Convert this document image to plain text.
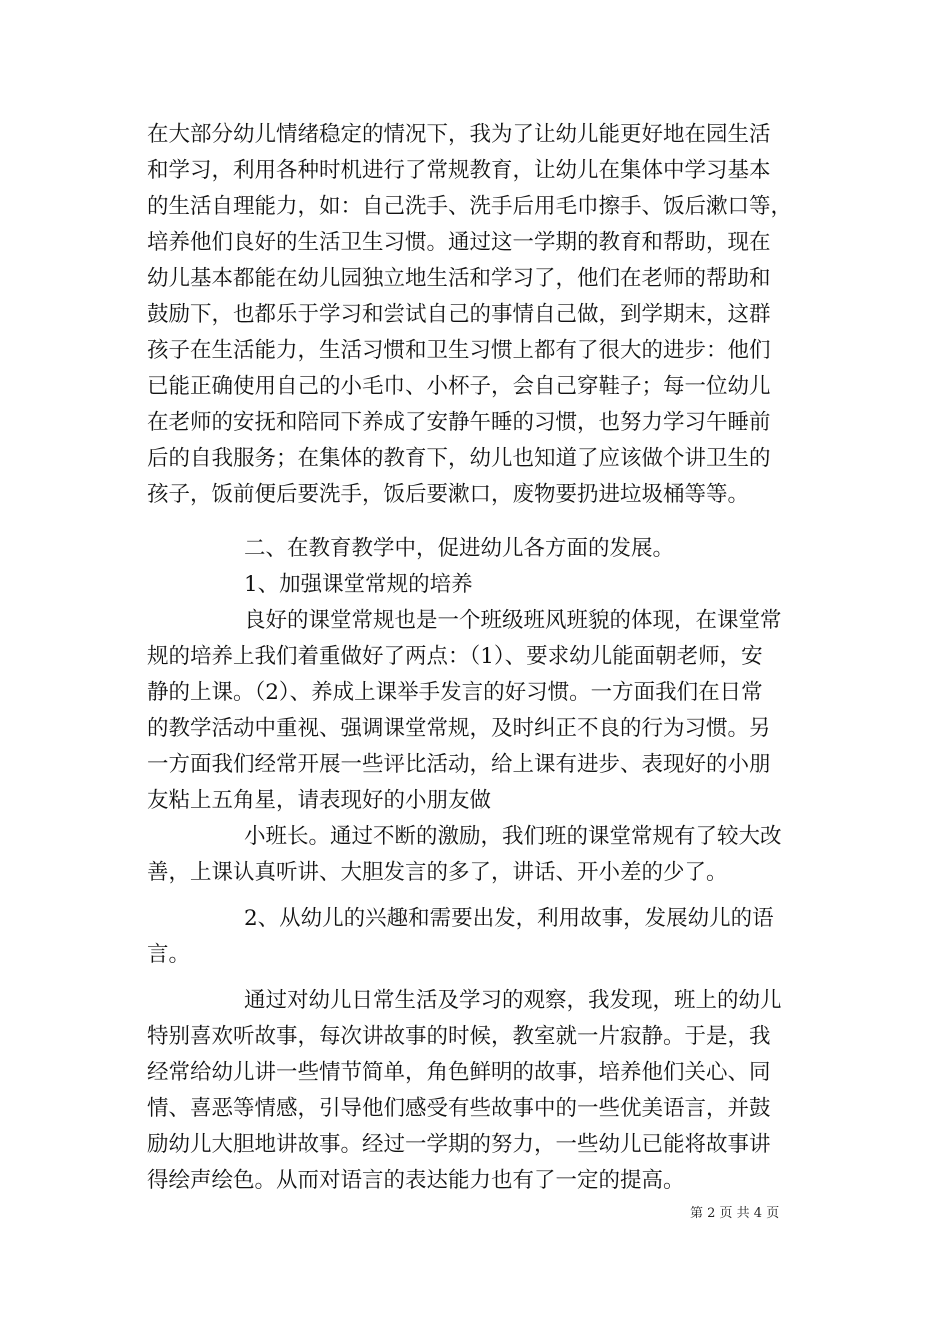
在大部分幼儿情绪稳定的情况下，我为了让幼儿能更好地在园生活
和学习，利用各种时机进行了常规教育，让幼儿在集体中学习基本
的生活自理能力，如：自己洗手、洗手后用毛巾擦手、饭后漱口等，
培养他们良好的生活卫生习惯。通过这一学期的教育和帮助，现在
幼儿基本都能在幼儿园独立地生活和学习了，他们在老师的帮助和
鼓励下，也都乐于学习和尝试自己的事情自己做，到学期末，这群
孩子在生活能力，生活习惯和卫生习惯上都有了很大的进步：他们
已能正确使用自己的小毛巾、小杯子，会自己穿鞋子；每一位幼儿
在老师的安抚和陪同下养成了安静午睡的习惯，也努力学习午睡前
后的自我服务；在集体的教育下，幼儿也知道了应该做个讲卫生的
孩子，饭前便后要洗手，饭后要漱口，废物要扔进垃圾桶等等。
二、在教育教学中，促进幼儿各方面的发展。
1、加强课堂常规的培养
良好的课堂常规也是一个班级班风班貌的体现，在课堂常
规的培养上我们着重做好了两点：（1）、要求幼儿能面朝老师，安
静的上课。（2）、养成上课举手发言的好习惯。一方面我们在日常
的教学活动中重视、强调课堂常规，及时纠正不良的行为习惯。另
一方面我们经常开展一些评比活动，给上课有进步、表现好的小朋
友粘上五角星，请表现好的小朋友做
小班长。通过不断的激励，我们班的课堂常规有了较大改
善，上课认真听讲、大胆发言的多了，讲话、开小差的少了。
2、从幼儿的兴趣和需要出发，利用故事，发展幼儿的语
言。
通过对幼儿日常生活及学习的观察，我发现，班上的幼儿
特别喜欢听故事，每次讲故事的时候，教室就一片寂静。于是，我
经常给幼儿讲一些情节简单，角色鲜明的故事，培养他们关心、同
情、喜恶等情感，引导他们感受有些故事中的一些优美语言，并鼓
励幼儿大胆地讲故事。经过一学期的努力，一些幼儿已能将故事讲
得绘声绘色。从而对语言的表达能力也有了一定的提高。
第 2 页 共 4 页
